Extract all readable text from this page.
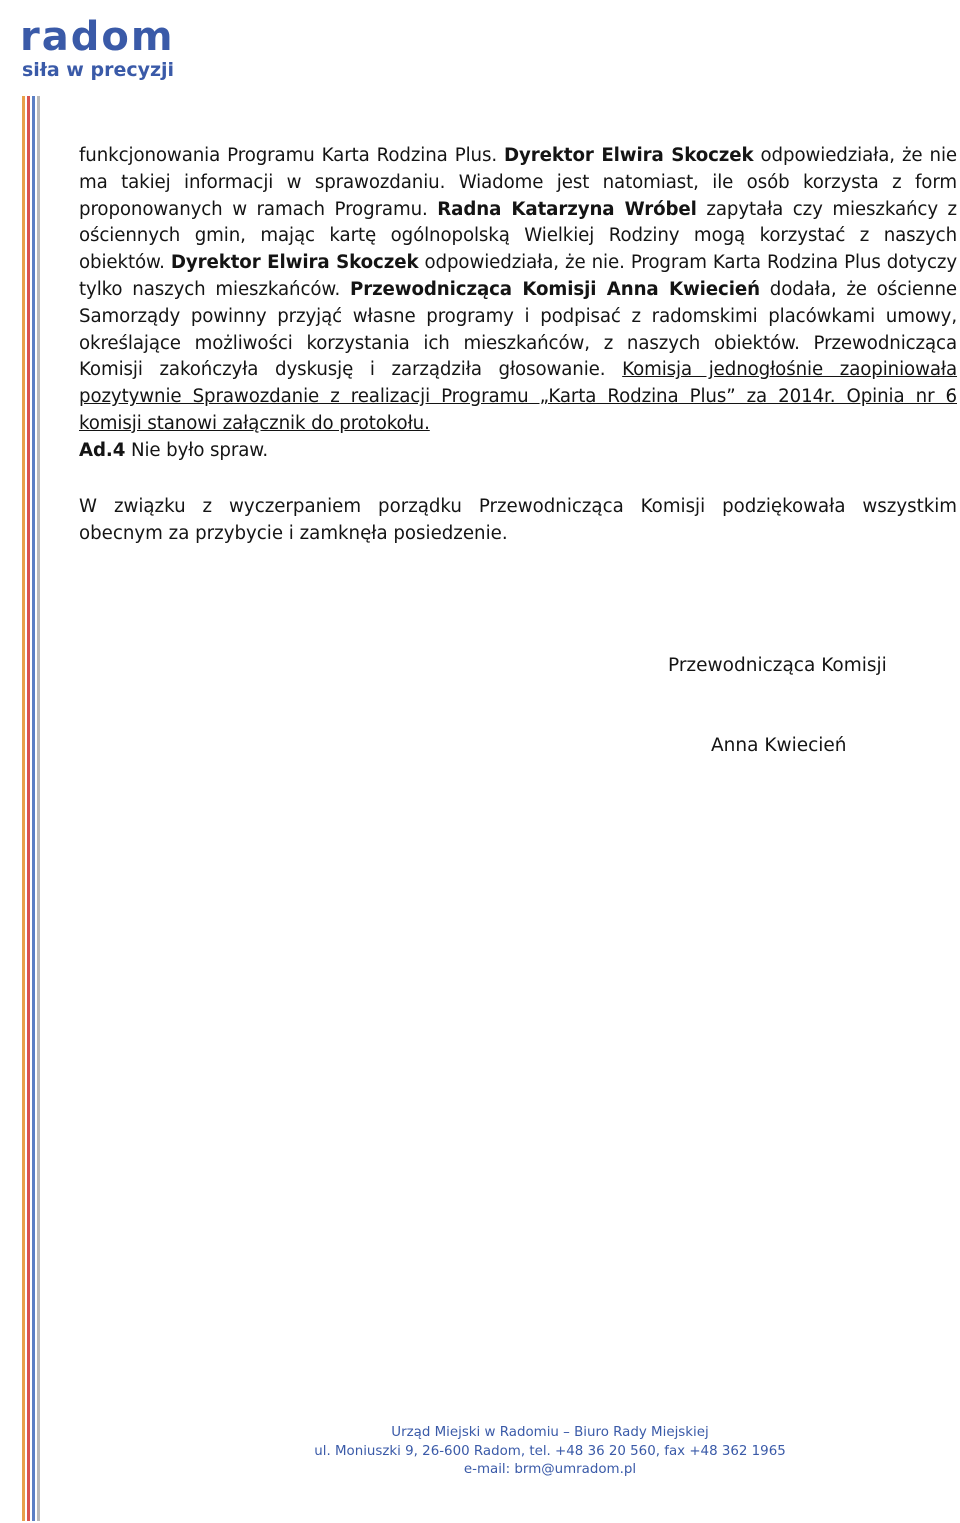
radom
siła w precyzji
funkcjonowania Programu Karta Rodzina Plus. Dyrektor Elwira Skoczek odpowiedziała, że nie ma takiej informacji w sprawozdaniu. Wiadome jest natomiast, ile osób korzysta z form proponowanych w ramach Programu. Radna Katarzyna Wróbel zapytała czy mieszkańcy z ościennych gmin, mając kartę ogólnopolską Wielkiej Rodziny mogą korzystać z naszych obiektów. Dyrektor Elwira Skoczek odpowiedziała, że nie. Program Karta Rodzina Plus dotyczy tylko naszych mieszkańców. Przewodnicząca Komisji Anna Kwiecień dodała, że ościenne Samorządy powinny przyjąć własne programy i podpisać z radomskimi placówkami umowy, określające możliwości korzystania ich mieszkańców, z naszych obiektów. Przewodnicząca Komisji zakończyła dyskusję i zarządziła głosowanie. Komisja jednogłośnie zaopiniowała pozytywnie Sprawozdanie z realizacji Programu „Karta Rodzina Plus” za 2014r. Opinia nr 6 komisji stanowi załącznik do protokołu.
Ad.4 Nie było spraw.
W związku z wyczerpaniem porządku Przewodnicząca Komisji podziękowała wszystkim obecnym za przybycie i zamknęła posiedzenie.
Przewodnicząca Komisji
Anna Kwiecień
Urząd Miejski w Radomiu – Biuro Rady Miejskiej
ul. Moniuszki 9, 26-600 Radom, tel. +48 36 20 560, fax +48 362 1965
e-mail: brm@umradom.pl
